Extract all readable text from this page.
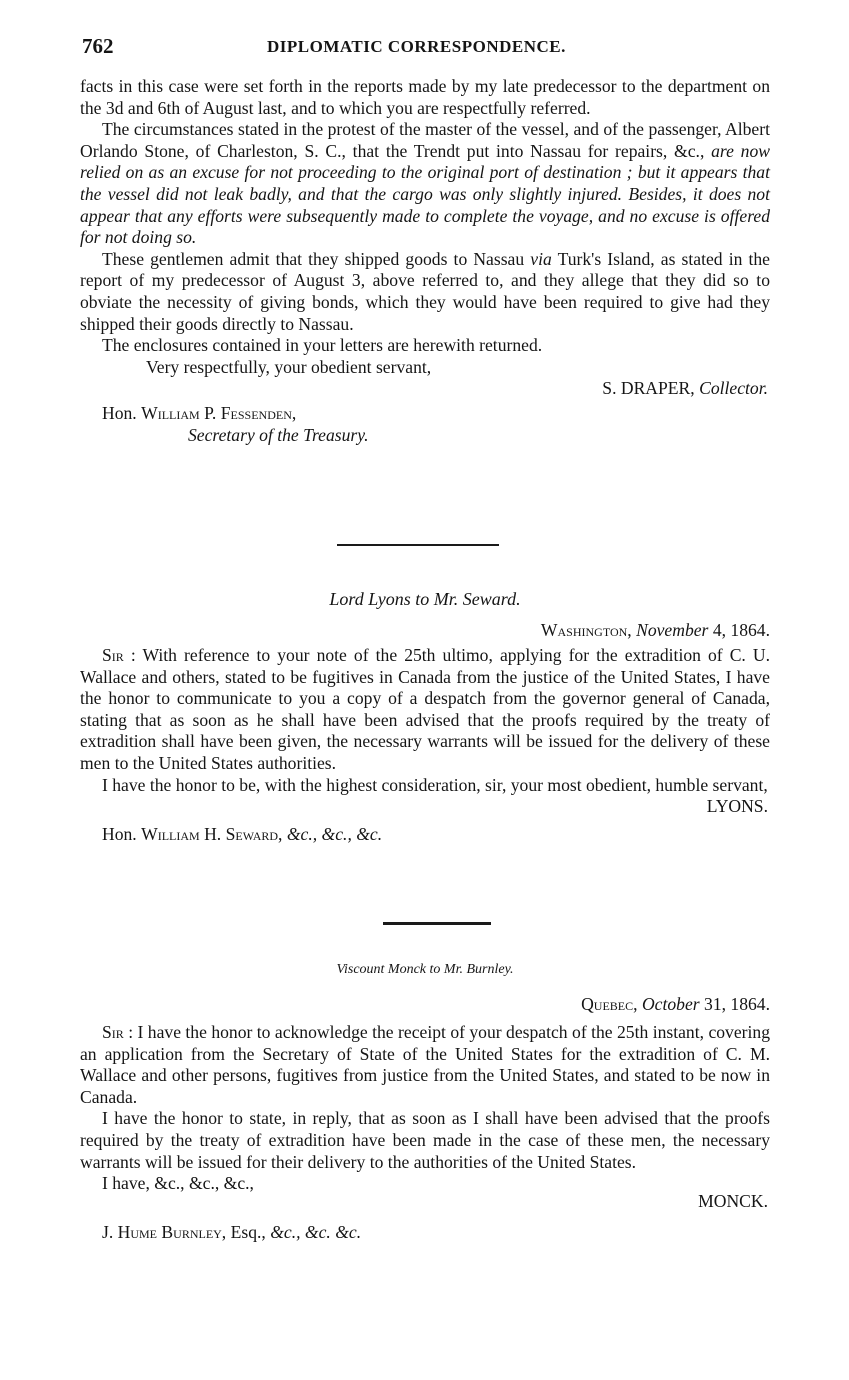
762	DIPLOMATIC CORRESPONDENCE.

facts in this case were set forth in the reports made by my late predecessor to the department on the 3d and 6th of August last, and to which you are respectfully referred.

The circumstances stated in the protest of the master of the vessel, and of the passenger, Albert Orlando Stone, of Charleston, S. C., that the Trendt put into Nassau for repairs, &c., are now relied on as an excuse for not proceeding to the original port of destination ; but it appears that the vessel did not leak badly, and that the cargo was only slightly injured. Besides, it does not appear that any efforts were subsequently made to complete the voyage, and no excuse is offered for not doing so.

These gentlemen admit that they shipped goods to Nassau via Turk's Island, as stated in the report of my predecessor of August 3, above referred to, and they allege that they did so to obviate the necessity of giving bonds, which they would have been required to give had they shipped their goods directly to Nassau.

The enclosures contained in your letters are herewith returned.

Very respectfully, your obedient servant,

S. DRAPER, Collector.

Hon. William P. Fessenden,

Secretary of the Treasury.

Lord Lyons to Mr. Seward.
Washington, November 4, 1864.

Sir : With reference to your note of the 25th ultimo, applying for the extradition of C. U. Wallace and others, stated to be fugitives in Canada from the justice of the United States, I have the honor to communicate to you a copy of a despatch from the governor general of Canada, stating that as soon as he shall have been advised that the proofs required by the treaty of extradition shall have been given, the necessary warrants will be issued for the delivery of these men to the United States authorities.

I have the honor to be, with the highest consideration, sir, your most obedient, humble servant,

LYONS.

Hon. William H. Seward, &c., &c., &c.

Viscount Monck to Mr. Burnley.
Quebec, October 31, 1864.

Sir : I have the honor to acknowledge the receipt of your despatch of the 25th instant, covering an application from the Secretary of State of the United States for the extradition of C. M. Wallace and other persons, fugitives from justice from the United States, and stated to be now in Canada.

I have the honor to state, in reply, that as soon as I shall have been advised that the proofs required by the treaty of extradition have been made in the case of these men, the necessary warrants will be issued for their delivery to the authorities of the United States.

I have, &c., &c., &c.,

MONCK.

J. Hume Burnley, Esq., &c., &c. &c.
